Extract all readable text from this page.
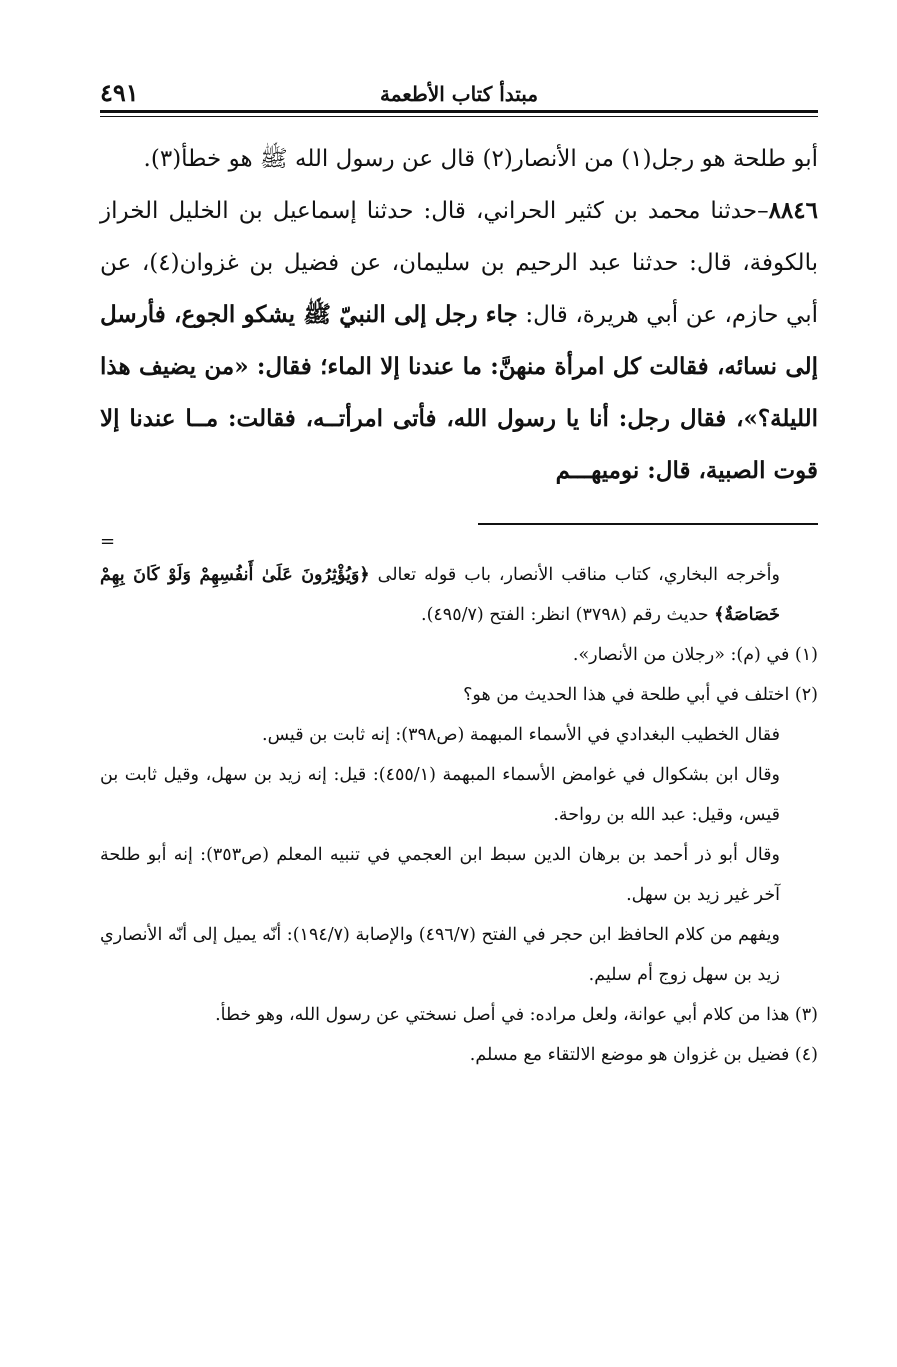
مبتدأ كتاب الأطعمة
٤٩١

أبو طلحة هو رجل(١) من الأنصار(٢) قال عن رسول الله ﷺ هو خطأ(٣).

٨٨٤٦–حدثنا محمد بن كثير الحراني، قال: حدثنا إسماعيل بن الخليل الخراز بالكوفة، قال: حدثنا عبد الرحيم بن سليمان، عن فضيل بن غزوان(٤)، عن أبي حازم، عن أبي هريرة، قال: جاء رجل إلى النبيّ ﷺ يشكو الجوع، فأرسل إلى نسائه، فقالت كل امرأة منهنَّ: ما عندنا إلا الماء؛ فقال: «من يضيف هذا الليلة؟»، فقال رجل: أنا يا رسول الله، فأتى امرأتــه، فقالت: مــا عندنا إلا قوت الصبية، قال: نوميهـــم

=

وأخرجه البخاري، كتاب مناقب الأنصار، باب قوله تعالى ﴿وَيُؤْثِرُونَ عَلَىٰ أَنفُسِهِمْ وَلَوْ كَانَ بِهِمْ خَصَاصَةٌ﴾ حديث رقم (٣٧٩٨) انظر: الفتح (٤٩٥/٧).

(١) في (م): «رجلان من الأنصار».

(٢) اختلف في أبي طلحة في هذا الحديث من هو؟

فقال الخطيب البغدادي في الأسماء المبهمة (ص٣٩٨): إنه ثابت بن قيس.

وقال ابن بشكوال في غوامض الأسماء المبهمة (٤٥٥/١): قيل: إنه زيد بن سهل، وقيل ثابت بن قيس، وقيل: عبد الله بن رواحة.

وقال أبو ذر أحمد بن برهان الدين سبط ابن العجمي في تنبيه المعلم (ص٣٥٣): إنه أبو طلحة آخر غير زيد بن سهل.

ويفهم من كلام الحافظ ابن حجر في الفتح (٤٩٦/٧) والإصابة (١٩٤/٧): أنّه يميل إلى أنّه الأنصاري زيد بن سهل زوج أم سليم.

(٣) هذا من كلام أبي عوانة، ولعل مراده: في أصل نسختي عن رسول الله، وهو خطأ.

(٤) فضيل بن غزوان هو موضع الالتقاء مع مسلم.
